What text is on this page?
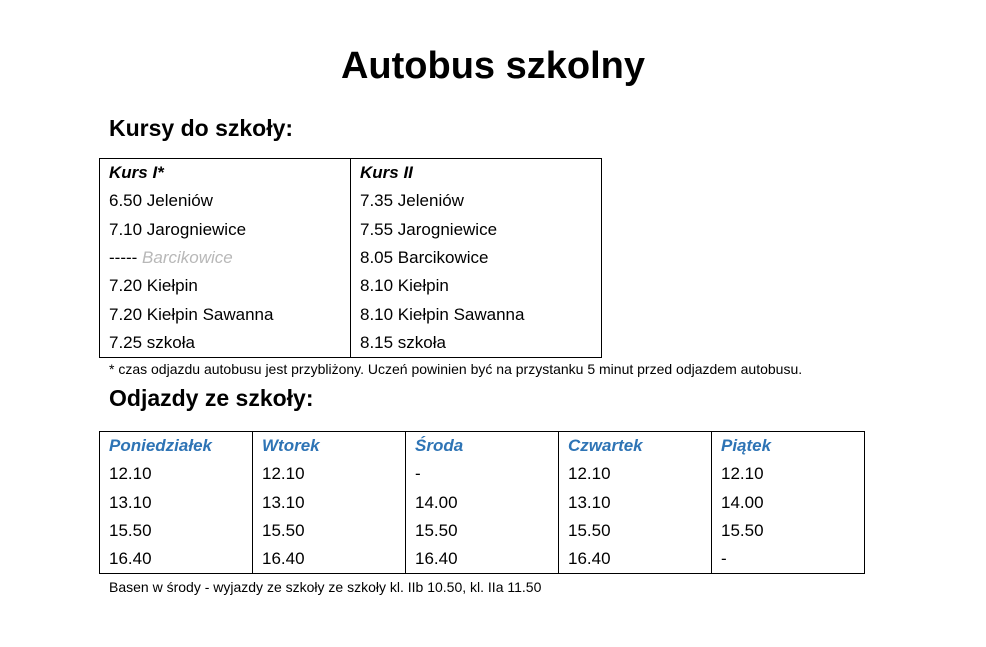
Autobus szkolny
Kursy do szkoły:
Kurs I*	Kurs II
6.50 Jeleniów	7.35 Jeleniów
7.10 Jarogniewice	7.55 Jarogniewice
----- Barcikowice	8.05 Barcikowice
7.20 Kiełpin	8.10 Kiełpin
7.20 Kiełpin Sawanna	8.10 Kiełpin Sawanna
7.25 szkoła	8.15 szkoła

* czas odjazdu autobusu jest przybliżony. Uczeń powinien być na przystanku 5 minut przed odjazdem autobusu.

Odjazdy ze szkoły:
Poniedziałek	Wtorek	Środa	Czwartek	Piątek
12.10	12.10	-	12.10	12.10
13.10	13.10	14.00	13.10	14.00
15.50	15.50	15.50	15.50	15.50
16.40	16.40	16.40	16.40	-

Basen w środy - wyjazdy ze szkoły ze szkoły kl. IIb 10.50, kl. IIa 11.50
